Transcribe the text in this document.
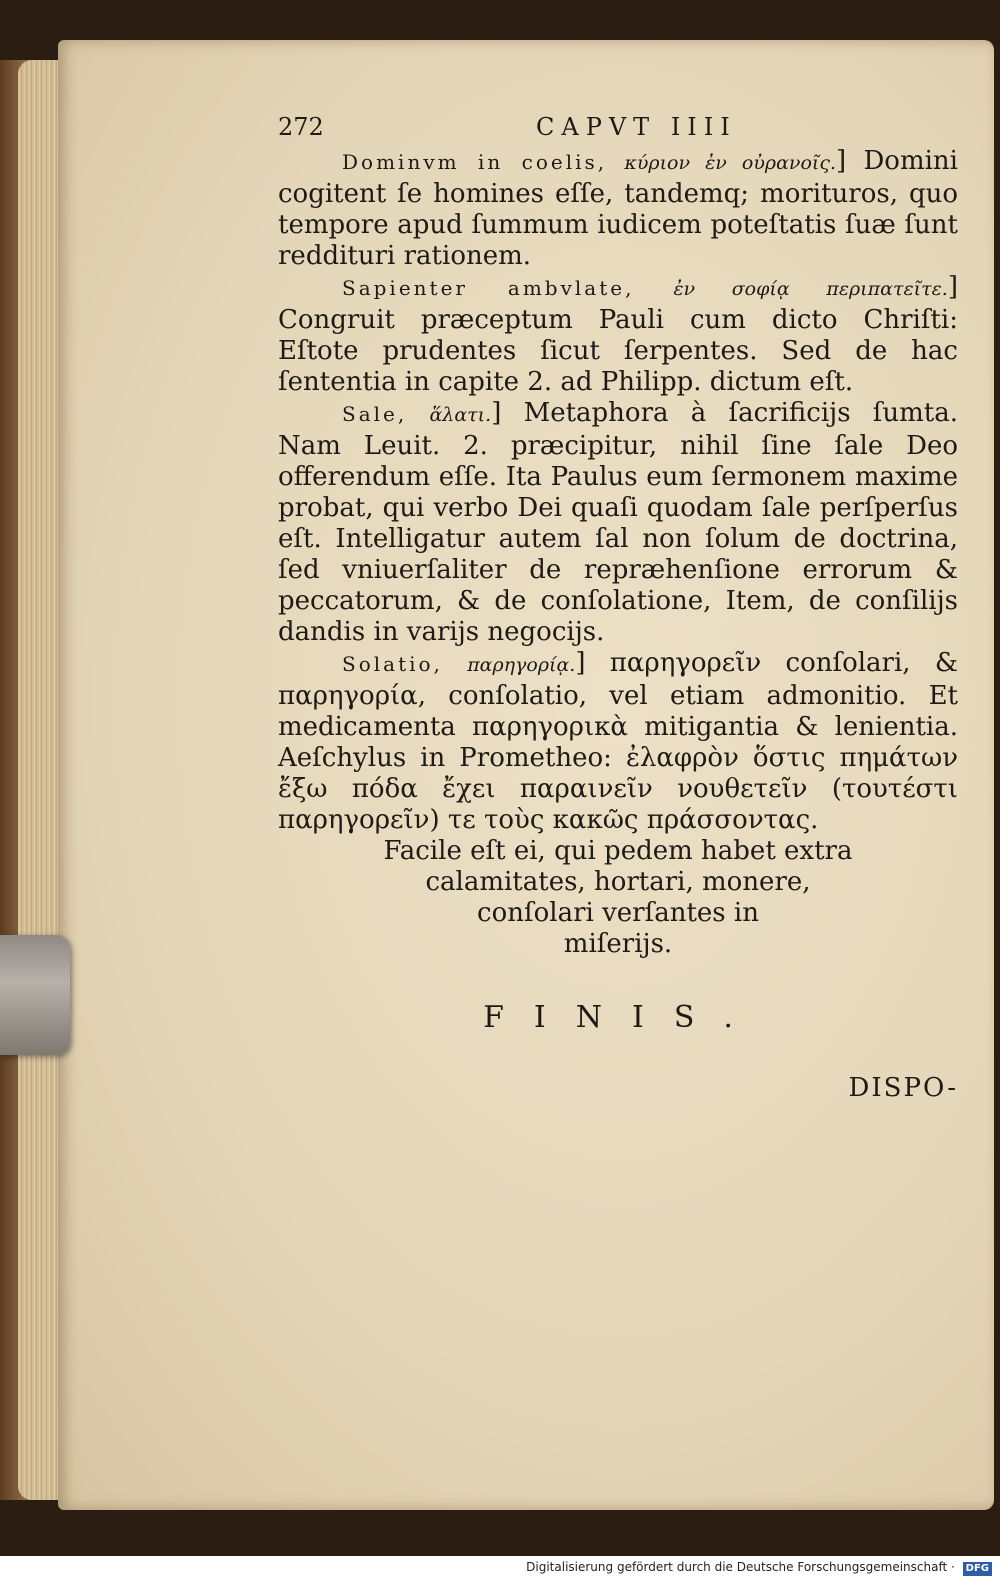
272	CAPVT IIII

Dominvm in coelis, κύριον ἐν οὐρανοῖς.] Domini cogitent ſe homines eſſe, tandemq; morituros, quo tempore apud ſummum iudicem poteſtatis ſuæ ſunt reddituri rationem.

Sapienter ambvlate, ἐν σοφίᾳ περιπατεῖτε.] Congruit præceptum Pauli cum dicto Chriſti: Eſtote prudentes ſicut ſerpentes. Sed de hac ſententia in capite 2. ad Philipp. dictum eſt.

Sale, ἅλατι.] Metaphora à ſacrificijs ſumta. Nam Leuit. 2. præcipitur, nihil ſine ſale Deo offerendum eſſe. Ita Paulus eum ſermonem maxime probat, qui verbo Dei quaſi quodam ſale perſperſus eſt. Intelligatur autem ſal non ſolum de doctrina, ſed vniuerſaliter de repræhenſione errorum & peccatorum, & de conſolatione, Item, de conſilijs dandis in varijs negocijs.

Solatio, παρηγορίᾳ.] παρηγορεῖν conſolari, & παρηγορία, conſolatio, vel etiam admonitio. Et medicamenta παρηγορικὰ mitigantia & lenientia. Aeſchylus in Prometheo: ἐλαφρὸν ὅστις πημάτων ἔξω πόδα ἔχει παραινεῖν νουθετεῖν (τουτέστι παρηγορεῖν) τε τοὺς κακῶς πράσσοντας.

Facile eſt ei, qui pedem habet extra
calamitates, hortari, monere,
conſolari verſantes in
miſerijs.
FINIS.
DISPO-
Digitalisierung gefördert durch die Deutsche Forschungsgemeinschaft · DFG
